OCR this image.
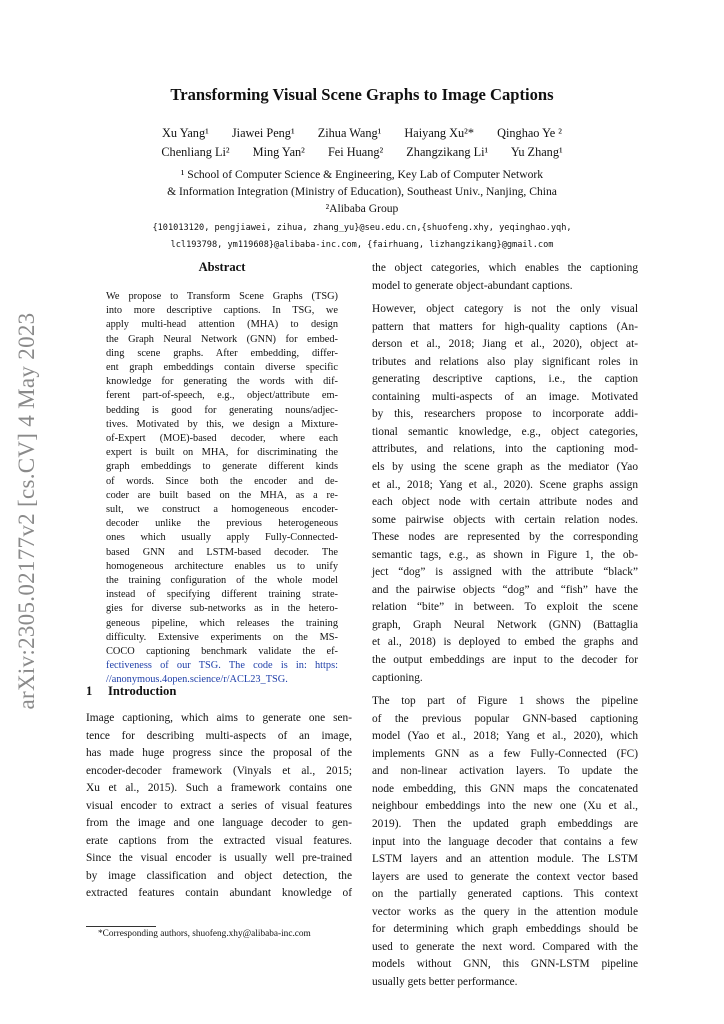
arXiv:2305.02177v2 [cs.CV] 4 May 2023
Transforming Visual Scene Graphs to Image Captions
Xu Yang¹ Jiawei Peng¹ Zihua Wang¹ Haiyang Xu²* Qinghao Ye ²
Chenliang Li² Ming Yan² Fei Huang² Zhangzikang Li¹ Yu Zhang¹
¹ School of Computer Science & Engineering, Key Lab of Computer Network
& Information Integration (Ministry of Education), Southeast Univ., Nanjing, China
²Alibaba Group
{101013120, pengjiawei, zihua, zhang_yu}@seu.edu.cn,{shuofeng.xhy, yeqinghao.yqh,
lcl193798, ym119608}@alibaba-inc.com, {fairhuang, lizhangzikang}@gmail.com
Abstract
We propose to Transform Scene Graphs (TSG)
into more descriptive captions. In TSG, we
apply multi-head attention (MHA) to design
the Graph Neural Network (GNN) for embed-
ding scene graphs. After embedding, differ-
ent graph embeddings contain diverse specific
knowledge for generating the words with dif-
ferent part-of-speech, e.g., object/attribute em-
bedding is good for generating nouns/adjec-
tives. Motivated by this, we design a Mixture-
of-Expert (MOE)-based decoder, where each
expert is built on MHA, for discriminating the
graph embeddings to generate different kinds
of words. Since both the encoder and de-
coder are built based on the MHA, as a re-
sult, we construct a homogeneous encoder-
decoder unlike the previous heterogeneous
ones which usually apply Fully-Connected-
based GNN and LSTM-based decoder. The
homogeneous architecture enables us to unify
the training configuration of the whole model
instead of specifying different training strate-
gies for diverse sub-networks as in the hetero-
geneous pipeline, which releases the training
difficulty. Extensive experiments on the MS-
COCO captioning benchmark validate the ef-
fectiveness of our TSG. The code is in: https:
//anonymous.4open.science/r/ACL23_TSG.
1 Introduction
Image captioning, which aims to generate one sen-
tence for describing multi-aspects of an image,
has made huge progress since the proposal of the
encoder-decoder framework (Vinyals et al., 2015;
Xu et al., 2015). Such a framework contains one
visual encoder to extract a series of visual features
from the image and one language decoder to gen-
erate captions from the extracted visual features.
Since the visual encoder is usually well pre-trained
by image classification and object detection, the
extracted features contain abundant knowledge of
the object categories, which enables the captioning
model to generate object-abundant captions.
However, object category is not the only visual
pattern that matters for high-quality captions (An-
derson et al., 2018; Jiang et al., 2020), object at-
tributes and relations also play significant roles in
generating descriptive captions, i.e., the caption
containing multi-aspects of an image. Motivated
by this, researchers propose to incorporate addi-
tional semantic knowledge, e.g., object categories,
attributes, and relations, into the captioning mod-
els by using the scene graph as the mediator (Yao
et al., 2018; Yang et al., 2020). Scene graphs assign
each object node with certain attribute nodes and
some pairwise objects with certain relation nodes.
These nodes are represented by the corresponding
semantic tags, e.g., as shown in Figure 1, the ob-
ject “dog” is assigned with the attribute “black”
and the pairwise objects “dog” and “fish” have the
relation “bite” in between. To exploit the scene
graph, Graph Neural Network (GNN) (Battaglia
et al., 2018) is deployed to embed the graphs and
the output embeddings are input to the decoder for
captioning.
The top part of Figure 1 shows the pipeline
of the previous popular GNN-based captioning
model (Yao et al., 2018; Yang et al., 2020), which
implements GNN as a few Fully-Connected (FC)
and non-linear activation layers. To update the
node embedding, this GNN maps the concatenated
neighbour embeddings into the new one (Xu et al.,
2019). Then the updated graph embeddings are
input into the language decoder that contains a few
LSTM layers and an attention module. The LSTM
layers are used to generate the context vector based
on the partially generated captions. This context
vector works as the query in the attention module
for determining which graph embeddings should be
used to generate the next word. Compared with the
models without GNN, this GNN-LSTM pipeline
usually gets better performance.
*Corresponding authors, shuofeng.xhy@alibaba-inc.com
